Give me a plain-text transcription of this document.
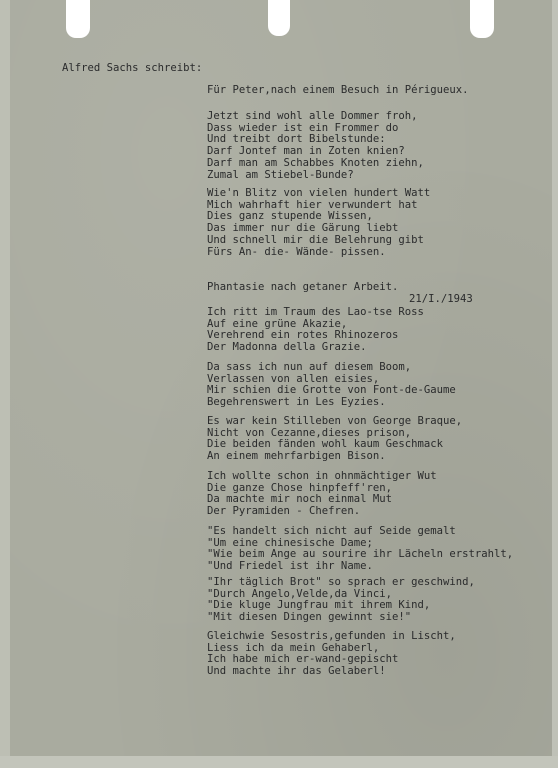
Alfred Sachs schreibt:
Für Peter,nach einem Besuch in Périgueux.
Jetzt sind wohl alle Dommer froh,
Dass wieder ist ein Frommer do
Und treibt dort Bibelstunde:
Darf Jontef man in Zoten knien?
Darf man am Schabbes Knoten ziehn,
Zumal am Stiebel-Bunde?
Wie'n Blitz von vielen hundert Watt
Mich wahrhaft hier verwundert hat
Dies ganz stupende Wissen,
Das immer nur die Gärung liebt
Und schnell mir die Belehrung gibt
Fürs An- die- Wände- pissen.
Phantasie nach getaner Arbeit.
21/I./1943
Ich ritt im Traum des Lao-tse Ross
Auf eine grüne Akazie,
Verehrend ein rotes Rhinozeros
Der Madonna della Grazie.
Da sass ich nun auf diesem Boom,
Verlassen von allen eisies,
Mir schien die Grotte von Font-de-Gaume
Begehrenswert in Les Eyzies.
Es war kein Stilleben von George Braque,
Nicht von Cezanne,dieses prison,
Die beiden fänden wohl kaum Geschmack
An einem mehrfarbigen Bison.
Ich wollte schon in ohnmächtiger Wut
Die ganze Chose hinpfeff'ren,
Da machte mir noch einmal Mut
Der Pyramiden - Chefren.
"Es handelt sich nicht auf Seide gemalt
"Um eine chinesische Dame;
"Wie beim Ange au sourire ihr Lächeln erstrahlt,
"Und Friedel ist ihr Name.
"Ihr täglich Brot" so sprach er geschwind,
"Durch Angelo,Velde,da Vinci,
"Die kluge Jungfrau mit ihrem Kind,
"Mit diesen Dingen gewinnt sie!"
Gleichwie Sesostris,gefunden in Lischt,
Liess ich da mein Gehaberl,
Ich habe mich er-wand-gepischt
Und machte ihr das Gelaberl!
